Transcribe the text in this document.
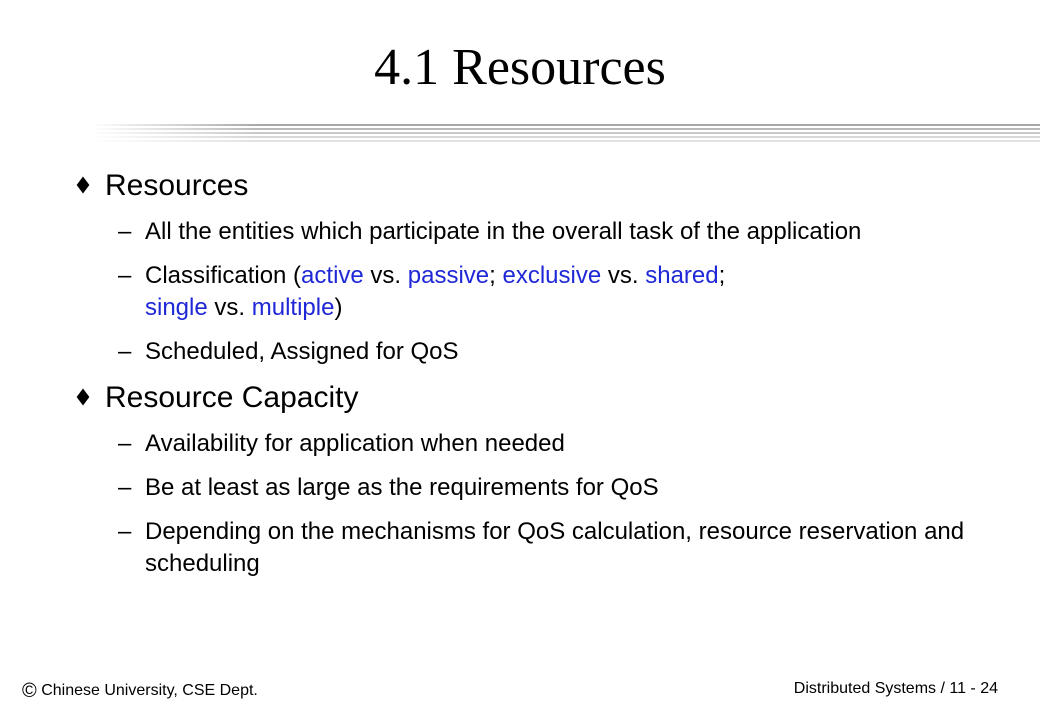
4.1 Resources
Resources
– All the entities which participate in the overall task of the application
– Classification (active vs. passive; exclusive vs. shared;
single vs. multiple)
– Scheduled, Assigned for QoS
Resource Capacity
– Availability for application when needed
– Be at least as large as the requirements for QoS
– Depending on the mechanisms for QoS calculation, resource reservation and scheduling
© Chinese University, CSE Dept.	Distributed Systems / 11 - 24
